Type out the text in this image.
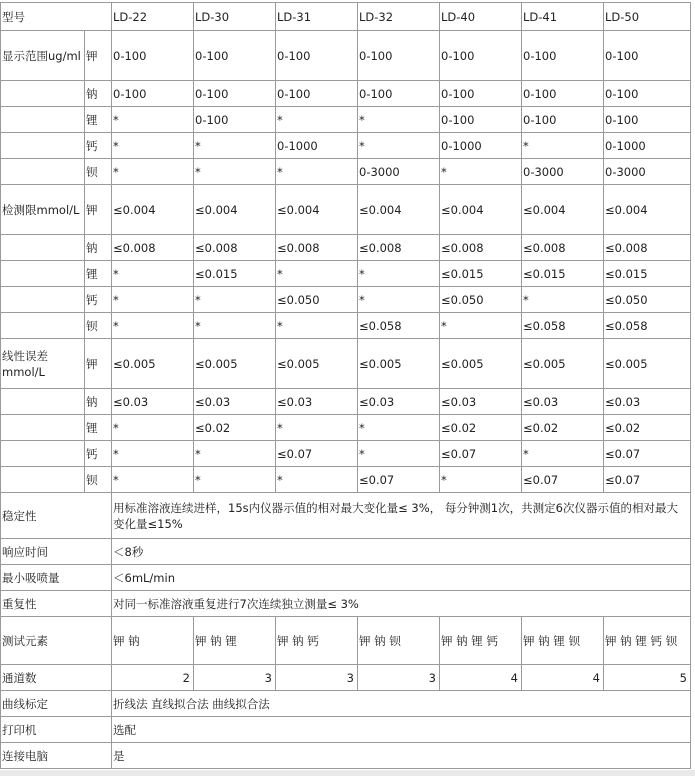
型号		LD-22	LD-30	LD-31	LD-32	LD-40	LD-41	LD-50
显示范围ug/ml	钾	0-100	0-100	0-100	0-100	0-100	0-100	0-100
	钠	0-100	0-100	0-100	0-100	0-100	0-100	0-100
	锂	*	0-100	*	*	0-100	0-100	0-100
	钙	*	*	0-1000	*	0-1000	*	0-1000
	钡	*	*	*	0-3000	*	0-3000	0-3000
检测限mmol/L	钾	≤0.004	≤0.004	≤0.004	≤0.004	≤0.004	≤0.004	≤0.004
	钠	≤0.008	≤0.008	≤0.008	≤0.008	≤0.008	≤0.008	≤0.008
	锂	*	≤0.015	*	*	≤0.015	≤0.015	≤0.015
	钙	*	*	≤0.050	*	≤0.050	*	≤0.050
	钡	*	*	*	≤0.058	*	≤0.058	≤0.058
线性误差mmol/L	钾	≤0.005	≤0.005	≤0.005	≤0.005	≤0.005	≤0.005	≤0.005
	钠	≤0.03	≤0.03	≤0.03	≤0.03	≤0.03	≤0.03	≤0.03
	锂	*	≤0.02	*	*	≤0.02	≤0.02	≤0.02
	钙	*	*	≤0.07	*	≤0.07	*	≤0.07
	钡	*	*	*	≤0.07	*	≤0.07	≤0.07
稳定性		用标准溶液连续进样，15s内仪器示值的相对最大变化量≤ 3%， 每分钟测1次，共测定6次仪器示值的相对最大变化量≤15%						
响应时间		＜8秒						
最小吸喷量		＜6mL/min						
重复性		对同一标准溶液重复进行7次连续独立测量≤ 3%						
测试元素		钾 钠	钾 钠 锂	钾 钠 钙	钾 钠 钡	钾 钠 锂 钙	钾 钠 锂 钡	钾 钠 锂 钙 钡
通道数		2	3	3	3	4	4	5
曲线标定		折线法 直线拟合法 曲线拟合法						
打印机		选配						
连接电脑		是						
